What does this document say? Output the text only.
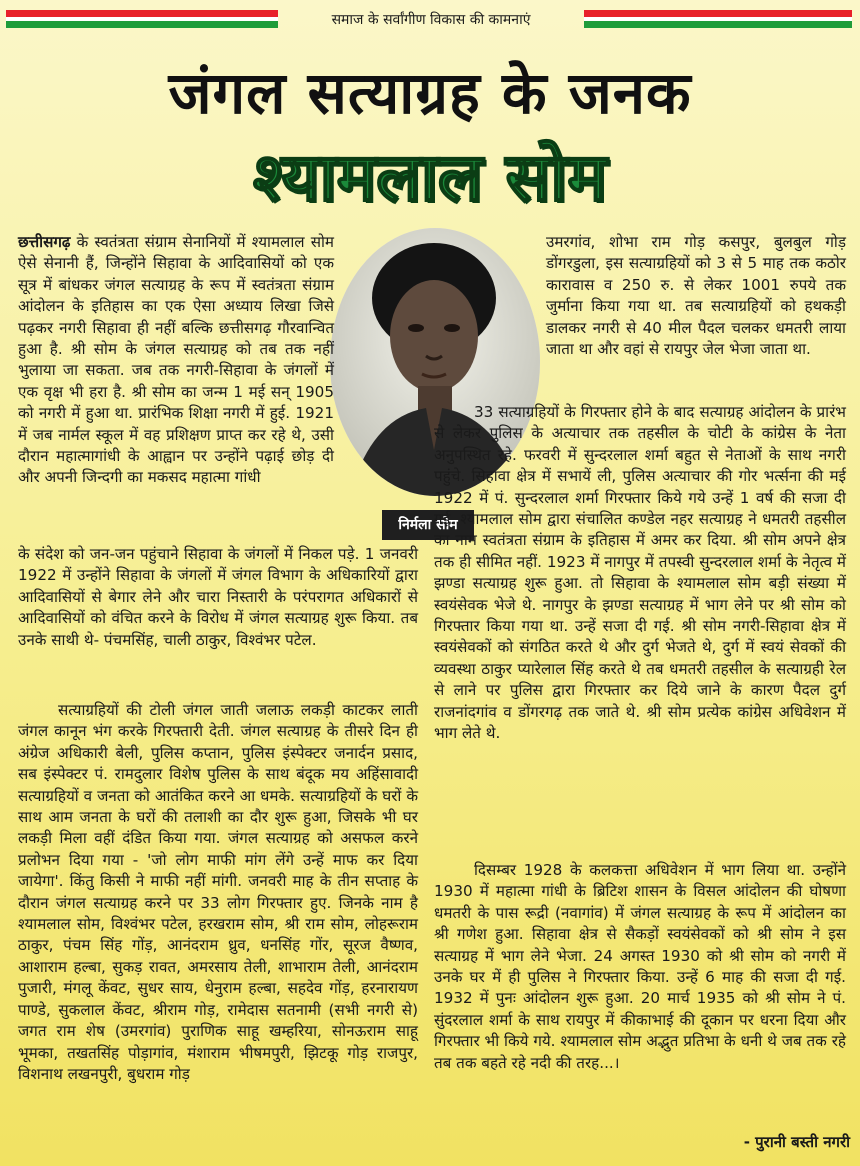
समाज के सर्वांगीण विकास की कामनाएं
जंगल सत्याग्रह के जनक
श्यामलाल सोम
निर्मला सोम

छत्तीसगढ़ के स्वतंत्रता संग्राम सेनानियों में श्यामलाल सोम ऐसे सेनानी हैं, जिन्होंने सिहावा के आदिवासियों को एक सूत्र में बांधकर जंगल सत्याग्रह के रूप में स्वतंत्रता संग्राम आंदोलन के इतिहास का एक ऐसा अध्याय लिखा जिसे पढ़कर नगरी सिहावा ही नहीं बल्कि छत्तीसगढ़ गौरवान्वित हुआ है. श्री सोम के जंगल सत्याग्रह को तब तक नहीं भुलाया जा सकता. जब तक नगरी-सिहावा के जंगलों में एक वृक्ष भी हरा है. श्री सोम का जन्म 1 मई सन् 1905 को नगरी में हुआ था. प्रारंभिक शिक्षा नगरी में हुई. 1921 में जब नार्मल स्कूल में वह प्रशिक्षण प्राप्त कर रहे थे, उसी दौरान महात्मागांधी के आह्वान पर उन्होंने पढ़ाई छोड़ दी और अपनी जिन्दगी का मकसद महात्मा गांधी

के संदेश को जन-जन पहुंचाने सिहावा के जंगलों में निकल पड़े. 1 जनवरी 1922 में उन्होंने सिहावा के जंगलों में जंगल विभाग के अधिकारियों द्वारा आदिवासियों से बेगार लेने और चारा निस्तारी के परंपरागत अधिकारों से आदिवासियों को वंचित करने के विरोध में जंगल सत्याग्रह शुरू किया. तब उनके साथी थे- पंचमसिंह, चाली ठाकुर, विश्वंभर पटेल.

सत्याग्रहियों की टोली जंगल जाती जलाऊ लकड़ी काटकर लाती जंगल कानून भंग करके गिरफ्तारी देती. जंगल सत्याग्रह के तीसरे दिन ही अंग्रेज अधिकारी बेली, पुलिस कप्तान, पुलिस इंस्पेक्टर जनार्दन प्रसाद, सब इंस्पेक्टर पं. रामदुलार विशेष पुलिस के साथ बंदूक मय अहिंसावादी सत्याग्रहियों व जनता को आतंकित करने आ धमके. सत्याग्रहियों के घरों के साथ आम जनता के घरों की तलाशी का दौर शुरू हुआ, जिसके भी घर लकड़ी मिला वहीं दंडित किया गया. जंगल सत्याग्रह को असफल करने प्रलोभन दिया गया - 'जो लोग माफी मांग लेंगे उन्हें माफ कर दिया जायेगा'. किंतु किसी ने माफी नहीं मांगी. जनवरी माह के तीन सप्ताह के दौरान जंगल सत्याग्रह करने पर 33 लोग गिरफ्तार हुए. जिनके नाम है श्यामलाल सोम, विश्वंभर पटेल, हरखराम सोम, श्री राम सोम, लोहरूराम ठाकुर, पंचम सिंह गोंड़, आनंदराम ध्रुव, धनसिंह गोंर, सूरज वैष्णव, आशाराम हल्बा, सुकड़ रावत, अमरसाय तेली, शाभाराम तेली, आनंदराम पुजारी, मंगलू केंवट, सुधर साय, धेनुराम हल्बा, सहदेव गोंड़, हरनारायण पाण्डे, सुकलाल केंवट, श्रीराम गोड़, रामेदास सतनामी (सभी नगरी से) जगत राम शेष (उमरगांव) पुराणिक साहू खम्हरिया, सोनऊराम साहू भूमका, तखतसिंह पोड़ागांव, मंशाराम भीषमपुरी, झिटकू गोड़ राजपुर, विशनाथ लखनपुरी, बुधराम गोड़

उमरगांव, शोभा राम गोड़ कसपुर, बुलबुल गोड़ डोंगरडुला, इस सत्याग्रहियों को 3 से 5 माह तक कठोर कारावास व 250 रु. से लेकर 1001 रुपये तक जुर्माना किया गया था. तब सत्याग्रहियों को हथकड़ी डालकर नगरी से 40 मील पैदल चलकर धमतरी लाया जाता था और वहां से रायपुर जेल भेजा जाता था.

33 सत्याग्रहियों के गिरफ्तार होने के बाद सत्याग्रह आंदोलन के प्रारंभ से लेकर पुलिस के अत्याचार तक तहसील के चोटी के कांग्रेस के नेता अनुपस्थित रहे. फरवरी में सुन्दरलाल शर्मा बहुत से नेताओं के साथ नगरी पहुंचे. सिहावा क्षेत्र में सभायें ली, पुलिस अत्याचार की गोर भर्त्सना की मई 1922 में पं. सुन्दरलाल शर्मा गिरफ्तार किये गये उन्हें 1 वर्ष की सजा दी गई. श्यामलाल सोम द्वारा संचालित कण्डेल नहर सत्याग्रह ने धमतरी तहसील का नाम स्वतंत्रता संग्राम के इतिहास में अमर कर दिया. श्री सोम अपने क्षेत्र तक ही सीमित नहीं. 1923 में नागपुर में तपस्वी सुन्दरलाल शर्मा के नेतृत्व में झण्डा सत्याग्रह शुरू हुआ. तो सिहावा के श्यामलाल सोम बड़ी संख्या में स्वयंसेवक भेजे थे. नागपुर के झण्डा सत्याग्रह में भाग लेने पर श्री सोम को गिरफ्तार किया गया था. उन्हें सजा दी गई. श्री सोम नगरी-सिहावा क्षेत्र में स्वयंसेवकों को संगठित करते थे और दुर्ग भेजते थे, दुर्ग में स्वयं सेवकों की व्यवस्था ठाकुर प्यारेलाल सिंह करते थे तब धमतरी तहसील के सत्याग्रही रेल से लाने पर पुलिस द्वारा गिरफ्तार कर दिये जाने के कारण पैदल दुर्ग राजनांदगांव व डोंगरगढ़ तक जाते थे. श्री सोम प्रत्येक कांग्रेस अधिवेशन में भाग लेते थे.

दिसम्बर 1928 के कलकत्ता अधिवेशन में भाग लिया था. उन्होंने 1930 में महात्मा गांधी के ब्रिटिश शासन के विसल आंदोलन की घोषणा धमतरी के पास रूद्री (नवागांव) में जंगल सत्याग्रह के रूप में आंदोलन का श्री गणेश हुआ. सिहावा क्षेत्र से सैकड़ों स्वयंसेवकों को श्री सोम ने इस सत्याग्रह में भाग लेने भेजा. 24 अगस्त 1930 को श्री सोम को नगरी में उनके घर में ही पुलिस ने गिरफ्तार किया. उन्हें 6 माह की सजा दी गई. 1932 में पुनः आंदोलन शुरू हुआ. 20 मार्च 1935 को श्री सोम ने पं. सुंदरलाल शर्मा के साथ रायपुर में कीकाभाई की दूकान पर धरना दिया और गिरफ्तार भी किये गये. श्यामलाल सोम अद्भुत प्रतिभा के धनी थे जब तक रहे तब तक बहते रहे नदी की तरह...।

- पुरानी बस्ती नगरी
